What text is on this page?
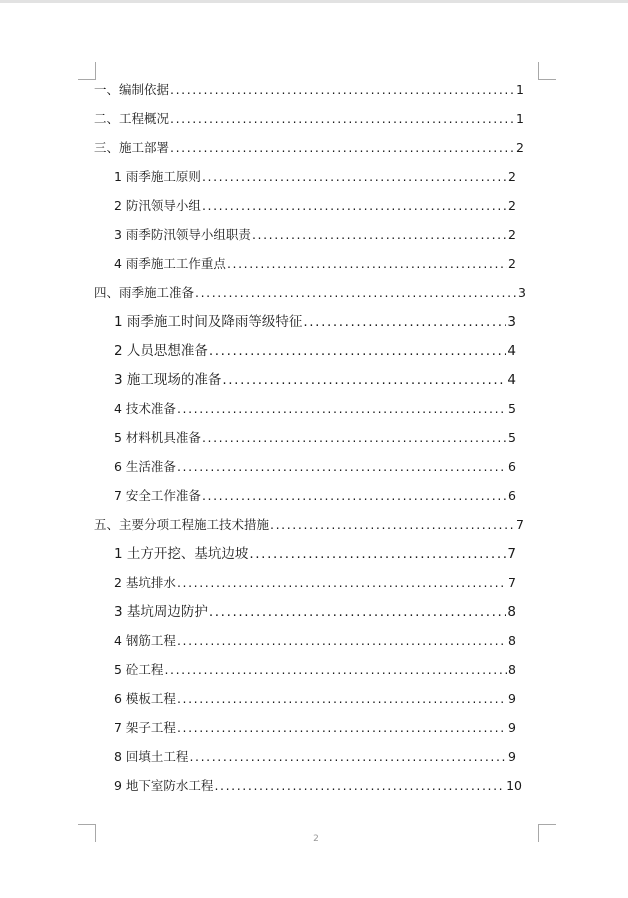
一、编制依据 .....	1
二、工程概况 .....	1
三、施工部署 .....	2
1 雨季施工原则 .....	2
2 防汛领导小组 .....	2
3 雨季防汛领导小组职责 .....	2
4 雨季施工工作重点 .....	2
四、雨季施工准备 .....	3
1 雨季施工时间及降雨等级特征 .....	3
2 人员思想准备 .....	4
3 施工现场的准备 .....	4
4 技术准备 .....	5
5 材料机具准备 .....	5
6 生活准备 .....	6
7 安全工作准备 .....	6
五、主要分项工程施工技术措施 .....	7
1 土方开挖、基坑边坡 .....	7
2 基坑排水 .....	7
3 基坑周边防护 .....	8
4 钢筋工程 .....	8
5 砼工程 .....	8
6 模板工程 .....	9
7 架子工程 .....	9
8 回填土工程 .....	9
9 地下室防水工程 .....	10
2
